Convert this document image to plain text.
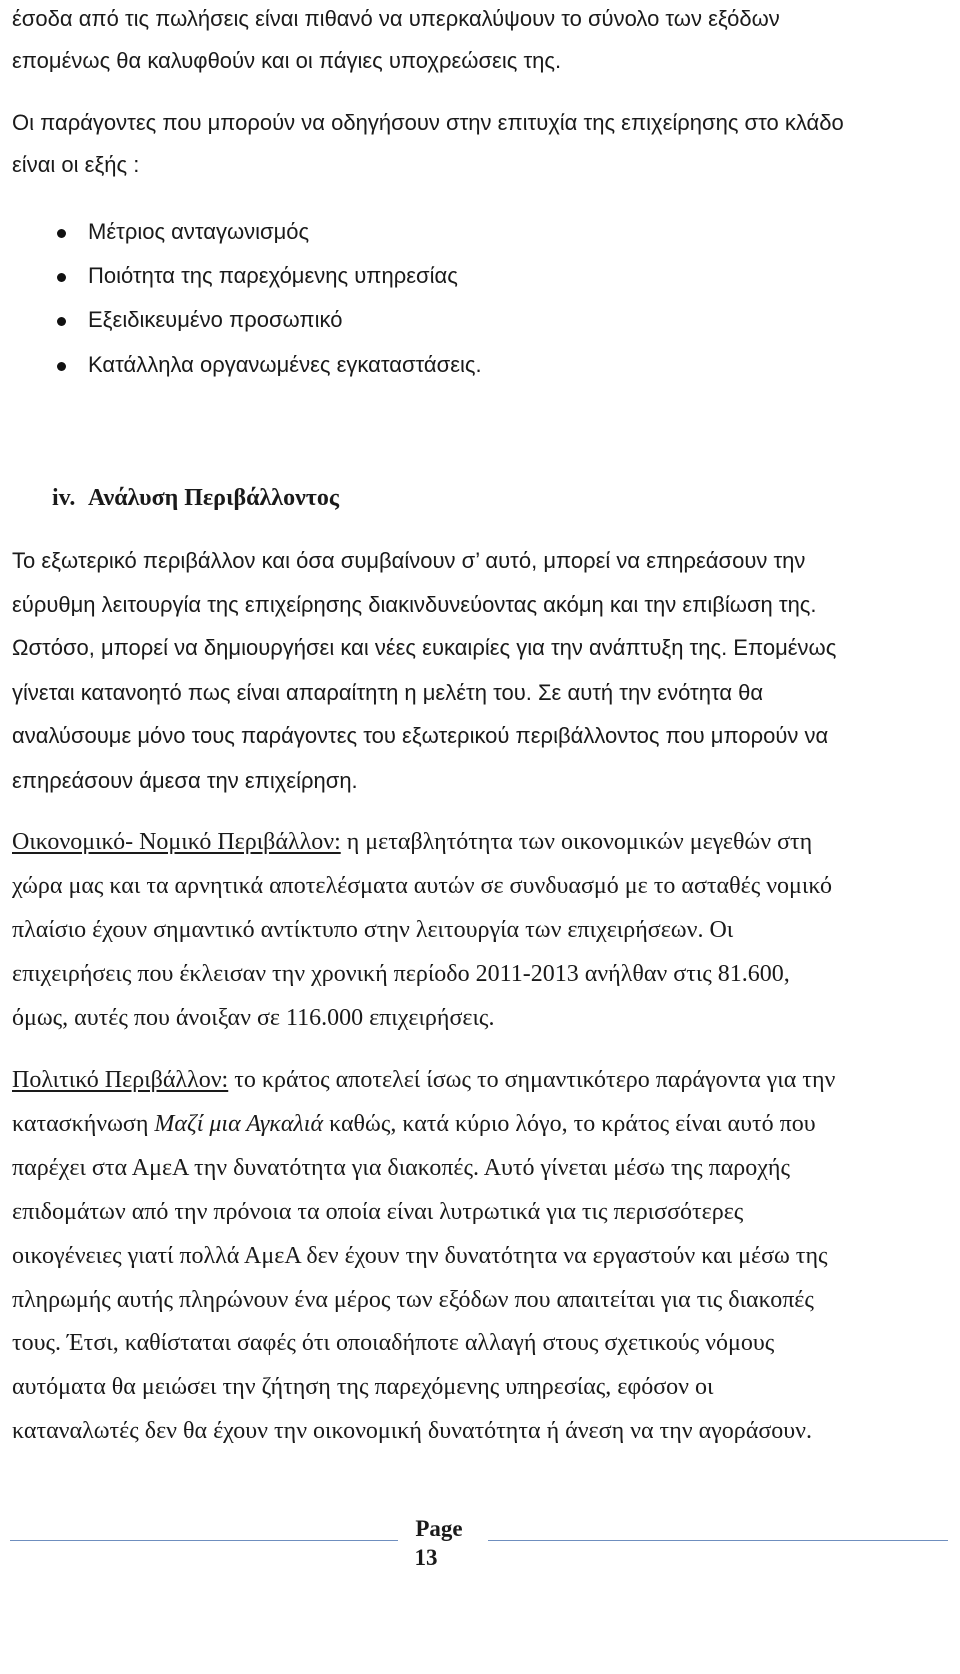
έσοδα από τις πωλήσεις είναι πιθανό να υπερκαλύψουν το σύνολο των εξόδων
επομένως θα καλυφθούν και οι πάγιες υποχρεώσεις της.
Οι παράγοντες που μπορούν να οδηγήσουν στην επιτυχία της επιχείρησης στο κλάδο
είναι οι εξής :
Μέτριος ανταγωνισμός
Ποιότητα της παρεχόμενης υπηρεσίας
Εξειδικευμένο προσωπικό
Κατάλληλα οργανωμένες εγκαταστάσεις.
iv. Ανάλυση Περιβάλλοντος
Το εξωτερικό περιβάλλον και όσα συμβαίνουν σ’ αυτό, μπορεί να επηρεάσουν την
εύρυθμη λειτουργία της επιχείρησης διακινδυνεύοντας ακόμη και την επιβίωση της.
Ωστόσο, μπορεί να δημιουργήσει και νέες ευκαιρίες για την ανάπτυξη της. Επομένως
γίνεται κατανοητό πως είναι απαραίτητη η μελέτη του. Σε αυτή την ενότητα θα
αναλύσουμε μόνο τους παράγοντες του εξωτερικού περιβάλλοντος που μπορούν να
επηρεάσουν άμεσα την επιχείρηση.
Οικονομικό- Νομικό Περιβάλλον: η μεταβλητότητα των οικονομικών μεγεθών στη
χώρα μας και τα αρνητικά αποτελέσματα αυτών σε συνδυασμό με το ασταθές νομικό
πλαίσιο έχουν σημαντικό αντίκτυπο στην λειτουργία των επιχειρήσεων. Οι
επιχειρήσεις που έκλεισαν την χρονική περίοδο 2011-2013 ανήλθαν στις 81.600,
όμως, αυτές που άνοιξαν σε 116.000 επιχειρήσεις.
Πολιτικό Περιβάλλον: το κράτος αποτελεί ίσως το σημαντικότερο παράγοντα για την
κατασκήνωση Μαζί μια Αγκαλιά καθώς, κατά κύριο λόγο, το κράτος είναι αυτό που
παρέχει στα ΑμεΑ την δυνατότητα για διακοπές. Αυτό γίνεται μέσω της παροχής
επιδομάτων από την πρόνοια τα οποία είναι λυτρωτικά για τις περισσότερες
οικογένειες γιατί πολλά ΑμεΑ δεν έχουν την δυνατότητα να εργαστούν και μέσω της
πληρωμής αυτής πληρώνουν ένα μέρος των εξόδων που απαιτείται για τις διακοπές
τους. Έτσι, καθίσταται σαφές ότι οποιαδήποτε αλλαγή στους σχετικούς νόμους
αυτόματα θα μειώσει την ζήτηση της παρεχόμενης υπηρεσίας, εφόσον οι
καταναλωτές δεν θα έχουν την οικονομική δυνατότητα ή άνεση να την αγοράσουν.
Page
13
